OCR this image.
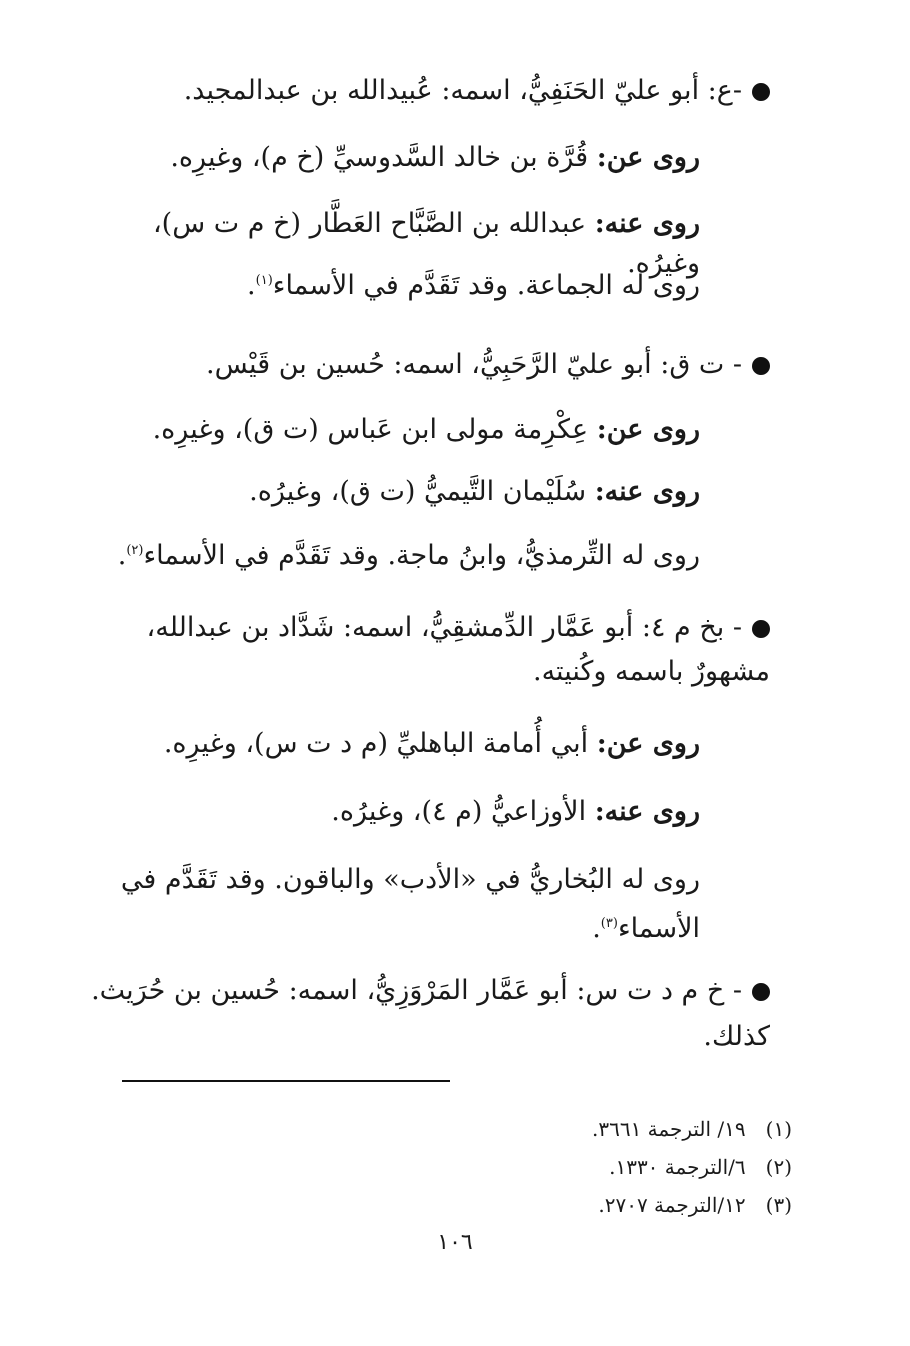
-ع: أبو عليّ الحَنَفِيُّ، اسمه: عُبيدالله بن عبدالمجيد.
روى عن: قُرَّة بن خالد السَّدوسيِّ (خ م)، وغيرِه.
روى عنه: عبدالله بن الصَّبَّاح العَطَّار (خ م ت س)، وغيرُه.
روى له الجماعة. وقد تَقَدَّم في الأسماء$^{(١)}$.
- ت ق: أبو عليّ الرَّحَبِيُّ، اسمه: حُسين بن قَيْس.
روى عن: عِكْرِمة مولى ابن عَباس (ت ق)، وغيرِه.
روى عنه: سُلَيْمان التَّيميُّ (ت ق)، وغيرُه.
روى له التِّرمذيُّ، وابنُ ماجة. وقد تَقَدَّم في الأسماء$^{(٢)}$.
- بخ م ٤: أبو عَمَّار الدِّمشقِيُّ، اسمه: شَدَّاد بن عبدالله، مشهورٌ باسمه وكُنيته.
روى عن: أبي أُمامة الباهليِّ (م د ت س)، وغيرِه.
روى عنه: الأوزاعيُّ (م ٤)، وغيرُه.
روى له البُخاريُّ في «الأدب» والباقون. وقد تَقَدَّم في الأسماء$^{(٣)}$.
- خ م د ت س: أبو عَمَّار المَرْوَزِيُّ، اسمه: حُسين بن حُرَيث. كذلك.
(١) ١٩/ الترجمة ٣٦٦١.
(٢) ٦/الترجمة ١٣٣٠.
(٣) ١٢/الترجمة ٢٧٠٧.
١٠٦
